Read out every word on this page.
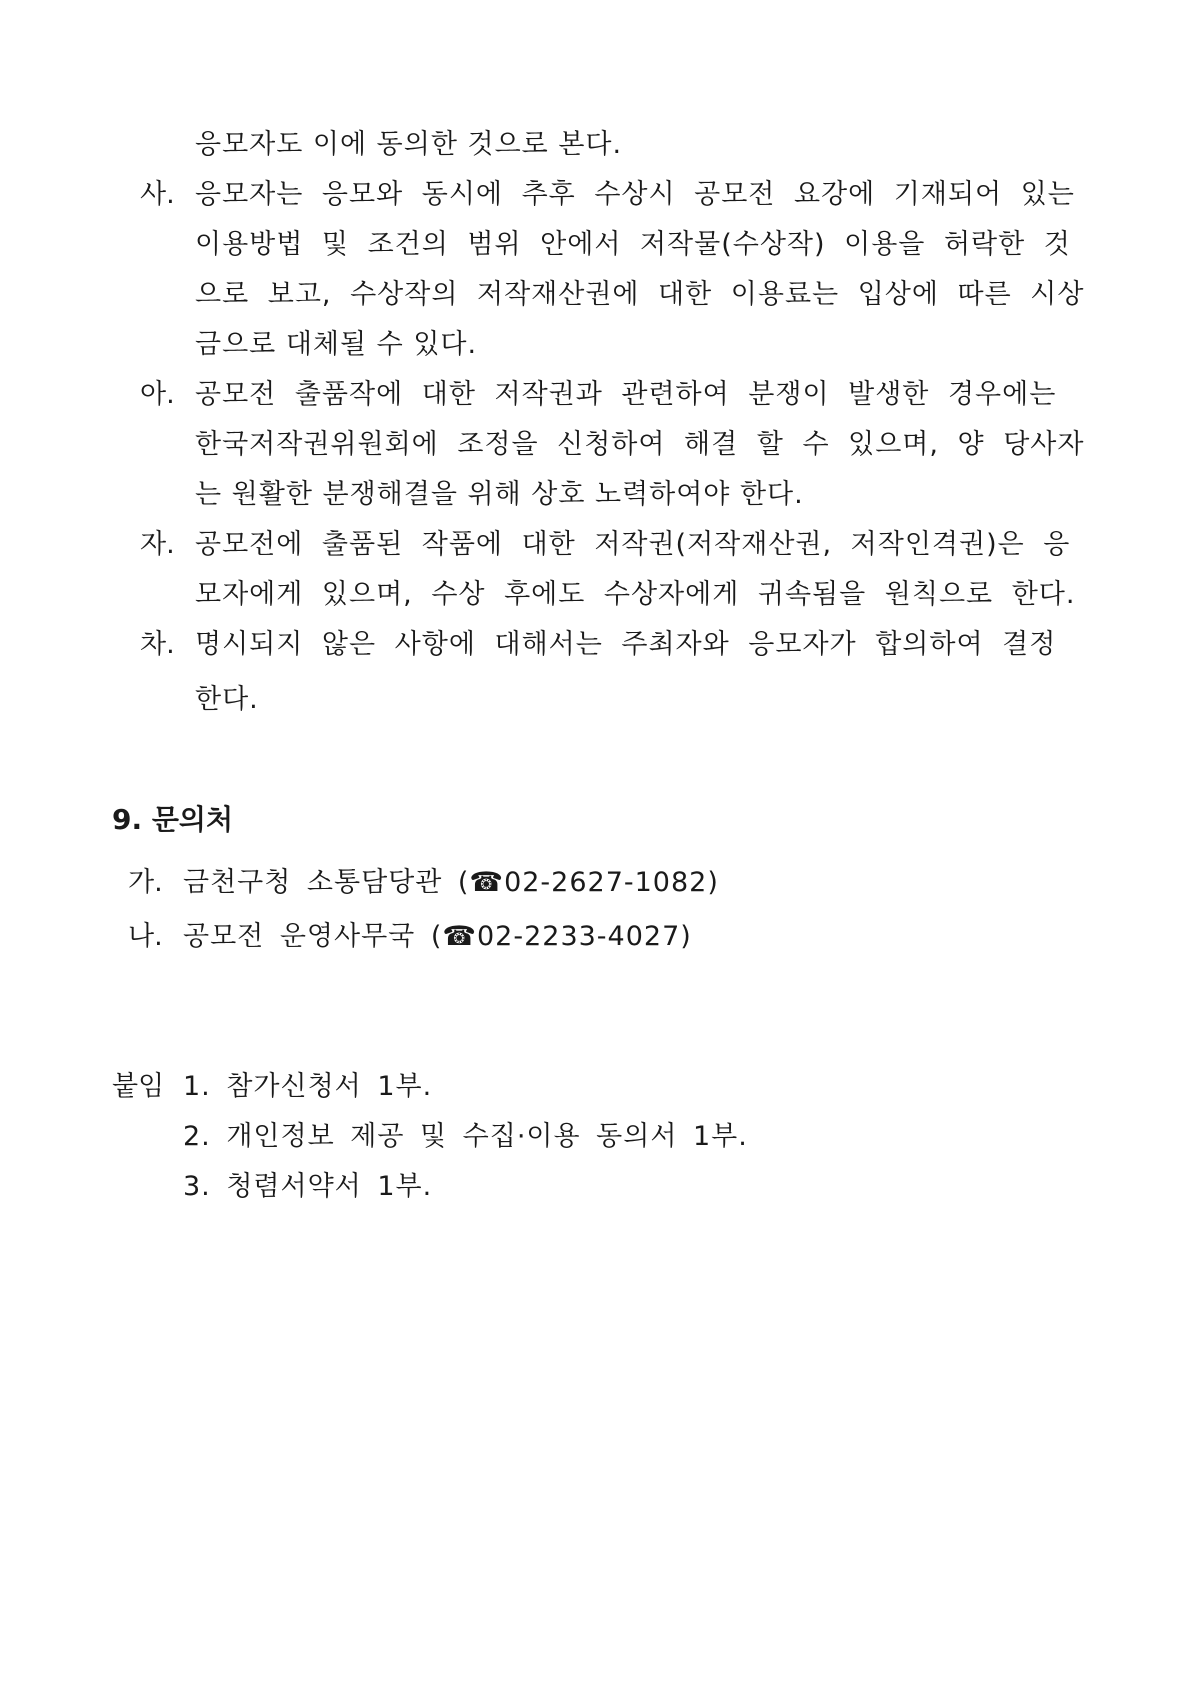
응모자도 이에 동의한 것으로 본다.
사. 응모자는 응모와 동시에 추후 수상시 공모전 요강에 기재되어 있는
이용방법 및 조건의 범위 안에서 저작물(수상작) 이용을 허락한 것
으로 보고, 수상작의 저작재산권에 대한 이용료는 입상에 따른 시상
금으로 대체될 수 있다.
아. 공모전 출품작에 대한 저작권과 관련하여 분쟁이 발생한 경우에는
한국저작권위원회에 조정을 신청하여 해결 할 수 있으며, 양 당사자
는 원활한 분쟁해결을 위해 상호 노력하여야 한다.
자. 공모전에 출품된 작품에 대한 저작권(저작재산권, 저작인격권)은 응
모자에게 있으며, 수상 후에도 수상자에게 귀속됨을 원칙으로 한다.
차. 명시되지 않은 사항에 대해서는 주최자와 응모자가 합의하여 결정
한다.
9. 문의처
가. 금천구청 소통담당관 (☎02-2627-1082)
나. 공모전 운영사무국 (☎02-2233-4027)
붙임 1. 참가신청서 1부.
2. 개인정보 제공 및 수집·이용 동의서 1부.
3. 청렴서약서 1부.
